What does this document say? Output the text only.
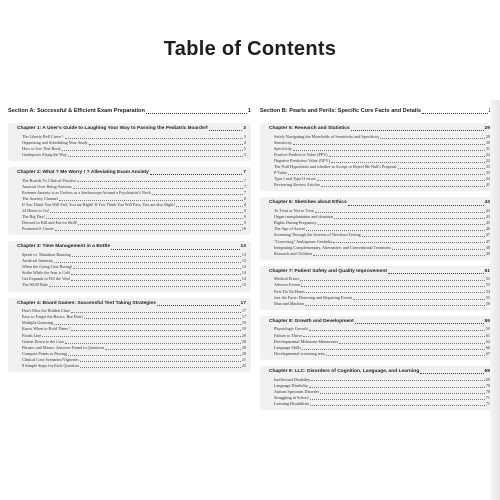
Table of Contents
Section A: Successful & Efficient Exam Preparation	1
Chapter 1: A User's Guide to Laughing Your Way to Passing the Pediatric Boards®	3
The Liberty Bell Curve !	3
Organizing and Scheduling Your Study	4
How to Use This Book	5
Guideposts Along the Way	5
Chapter 2: What ? Me Worry ! ? Alleviating Exam Anxiety	7
The Boards Vs Clinical Practice	7
Anxious Over Being Anxious	7
Extreme Anxiety is as Useless as a Stethoscope Around a Psychiatrist's Neck	7
The Anxiety Channel	8
If You Think You Will Fail, You are Right! If You Think You Will Pass, You are also Right!	8
24 Hours to Go!	9
The Big Day!	9
Dressed to Kill and Eat for Skill!	9
Prometric® Center	10
Chapter 3: Time Management in a Bottle	13
Sprint vs. Marathon Running	13
Artificial Intensity	13
When the Going Gets Boring!	14
Strike While the Iron is Cold	14
Get Expands to Fill the Void	14
The 80/20 Rule	15
Chapter 4: Board Games: Successful Test Taking Strategies	17
Don't Miss the Hidden Clues	17
Easy to Forget the Basics, But Don't	17
Multiple Guessing	19
Know When to Hold Them !	19
Finish Line	20
Gotten Down to the Core	20
Phrases and Mazes: Answers Found in Questions	20
Compass Points to Passing	20
Clinical Case Scenarios/Vignettes	21
8 Simple Steps for Each Question	23
Section B: Pearls and Perils: Specific Core Facts and Details
Chapter 5: Research and Statistics	29
Safely Navigating the Minefields of Sensitivity and Specificity	29
Sensitivity	30
Specificity	31
Positive Predictive Value (PPV)	32
Negative Predictive Value (NPV)	32
The Null Hypothesis and whether to Accept or Reject Mr Null's Proposal	33
P Value	33
Type I and Type II errors	34
Reviewing Review Articles	41
Chapter 6: Sketches about Ethics	43
To Treat or Not to Treat	43
Organ transplantation and donation	43
Rights During Pregnancy	45
The Age of Assent	46
Screening Through the Screens of Newborn Testing	47
"Correcting" Ambiguous Genitalia	47
Integrating Complementary, Alternative, and Conventional Treatment	48
Research and Children	49
Chapter 7: Patient Safety and Quality Improvement	51
Medical Errors	53
Adverse Events	53
First Do No Harm	54
Just the Facts: Detecting and Reporting Events	55
Man and Machine	56
Chapter 8: Growth and Development	59
Physiologic Growth	59
Failure to Thrive	61
Developmental Milestone Mnemonics	62
Language Skills	66
Developmental screening tests	67
Chapter 9: LLC: Disorders of Cognition, Language, and Learning	69
Intellectual Disability	69
Language Disability	70
Autism Spectrum Disorder	70
Struggling in School	71
Learning Disabilities	71
